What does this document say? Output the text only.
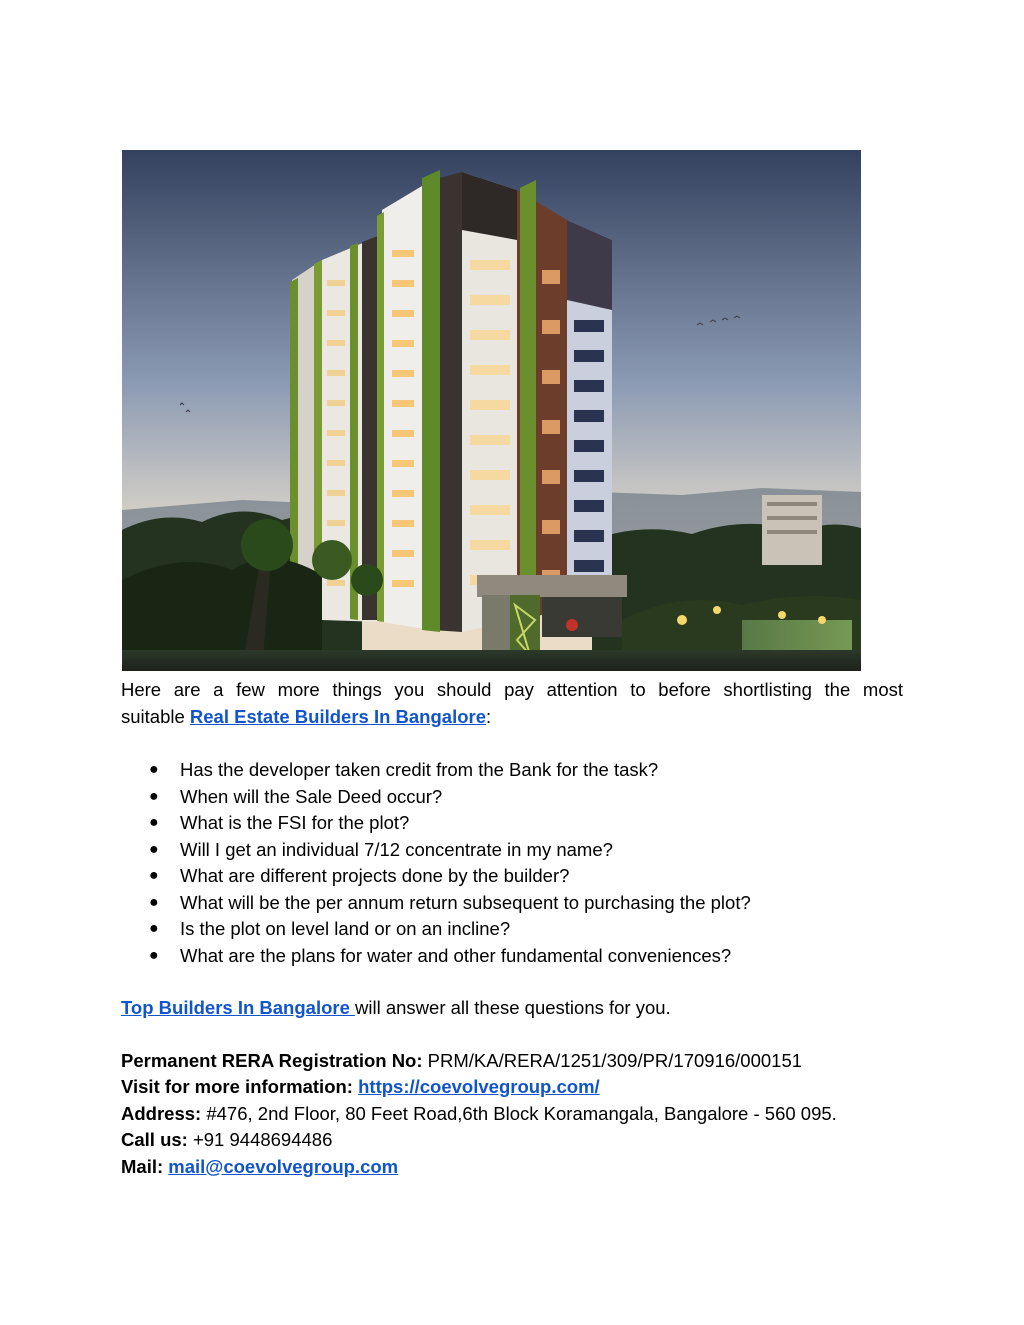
Here are a few more things you should pay attention to before shortlisting the most
suitable Real Estate Builders In Bangalore:

● Has the developer taken credit from the Bank for the task?
● When will the Sale Deed occur?
● What is the FSI for the plot?
● Will I get an individual 7/12 concentrate in my name?
● What are different projects done by the builder?
● What will be the per annum return subsequent to purchasing the plot?
● Is the plot on level land or on an incline?
● What are the plans for water and other fundamental conveniences?

Top Builders In Bangalore will answer all these questions for you.

Permanent RERA Registration No: PRM/KA/RERA/1251/309/PR/170916/000151
Visit for more information: https://coevolvegroup.com/
Address: #476, 2nd Floor, 80 Feet Road,6th Block Koramangala, Bangalore - 560 095.
Call us: +91 9448694486
Mail: mail@coevolvegroup.com
